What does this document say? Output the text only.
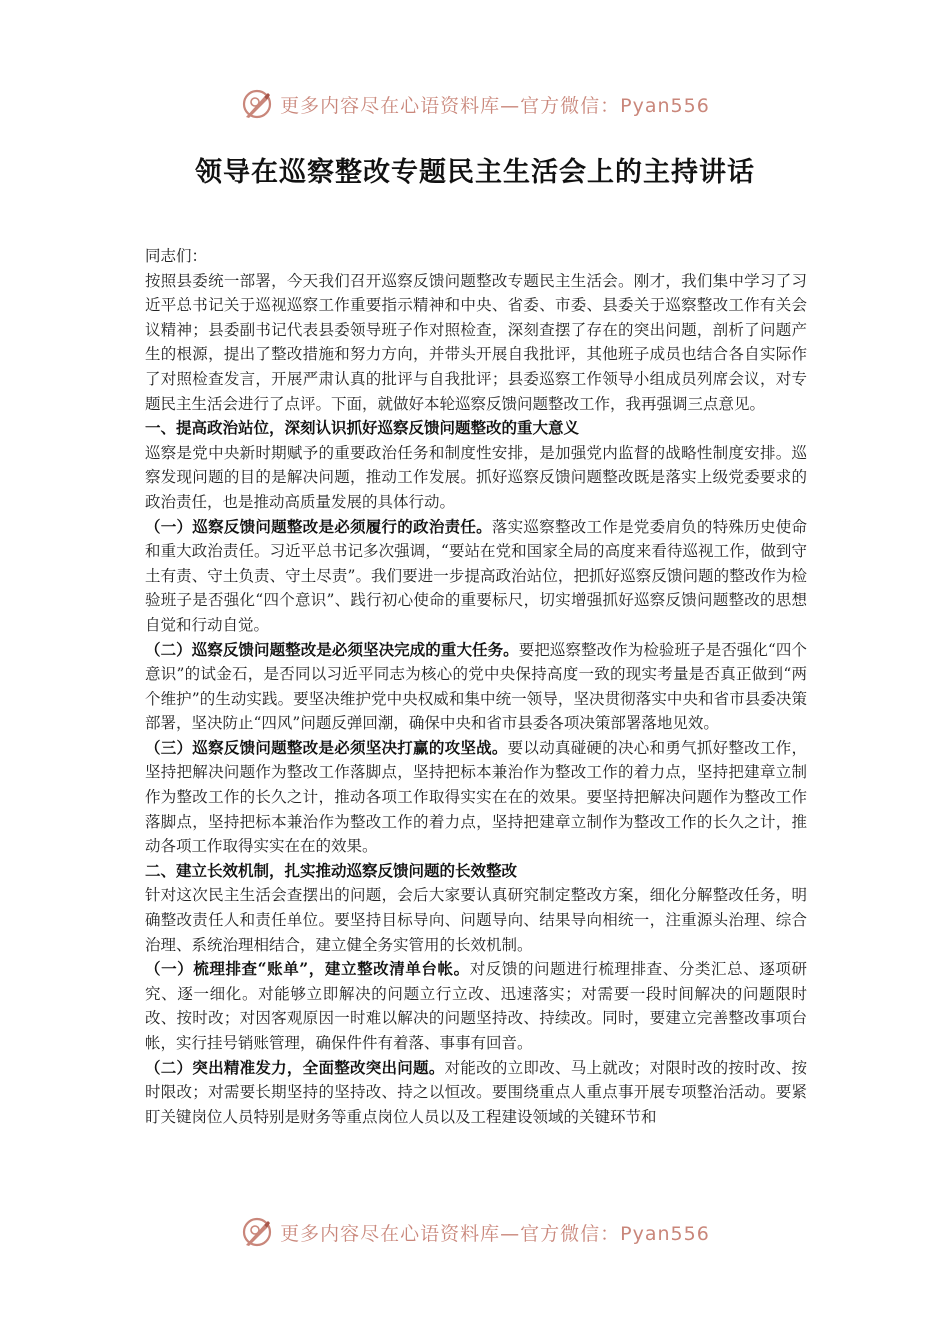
更多内容尽在心语资料库—官方微信：Pyan556
领导在巡察整改专题民主生活会上的主持讲话

同志们：

按照县委统一部署，今天我们召开巡察反馈问题整改专题民主生活会。刚才，我们集中学习了习近平总书记关于巡视巡察工作重要指示精神和中央、省委、市委、县委关于巡察整改工作有关会议精神；县委副书记代表县委领导班子作对照检查，深刻查摆了存在的突出问题，剖析了问题产生的根源，提出了整改措施和努力方向，并带头开展自我批评，其他班子成员也结合各自实际作了对照检查发言，开展严肃认真的批评与自我批评；县委巡察工作领导小组成员列席会议，对专题民主生活会进行了点评。下面，就做好本轮巡察反馈问题整改工作，我再强调三点意见。

一、提高政治站位，深刻认识抓好巡察反馈问题整改的重大意义

巡察是党中央新时期赋予的重要政治任务和制度性安排，是加强党内监督的战略性制度安排。巡察发现问题的目的是解决问题，推动工作发展。抓好巡察反馈问题整改既是落实上级党委要求的政治责任，也是推动高质量发展的具体行动。

（一）巡察反馈问题整改是必须履行的政治责任。落实巡察整改工作是党委肩负的特殊历史使命和重大政治责任。习近平总书记多次强调，“要站在党和国家全局的高度来看待巡视工作，做到守土有责、守土负责、守土尽责”。我们要进一步提高政治站位，把抓好巡察反馈问题的整改作为检验班子是否强化“四个意识”、践行初心使命的重要标尺，切实增强抓好巡察反馈问题整改的思想自觉和行动自觉。

（二）巡察反馈问题整改是必须坚决完成的重大任务。要把巡察整改作为检验班子是否强化“四个意识”的试金石，是否同以习近平同志为核心的党中央保持高度一致的现实考量是否真正做到“两个维护”的生动实践。要坚决维护党中央权威和集中统一领导，坚决贯彻落实中央和省市县委决策部署，坚决防止“四风”问题反弹回潮，确保中央和省市县委各项决策部署落地见效。

（三）巡察反馈问题整改是必须坚决打赢的攻坚战。要以动真碰硬的决心和勇气抓好整改工作，坚持把解决问题作为整改工作落脚点，坚持把标本兼治作为整改工作的着力点，坚持把建章立制作为整改工作的长久之计，推动各项工作取得实实在在的效果。要坚持把解决问题作为整改工作落脚点，坚持把标本兼治作为整改工作的着力点，坚持把建章立制作为整改工作的长久之计，推动各项工作取得实实在在的效果。

二、建立长效机制，扎实推动巡察反馈问题的长效整改

针对这次民主生活会查摆出的问题，会后大家要认真研究制定整改方案，细化分解整改任务，明确整改责任人和责任单位。要坚持目标导向、问题导向、结果导向相统一，注重源头治理、综合治理、系统治理相结合，建立健全务实管用的长效机制。

（一）梳理排查“账单”，建立整改清单台帐。对反馈的问题进行梳理排查、分类汇总、逐项研究、逐一细化。对能够立即解决的问题立行立改、迅速落实；对需要一段时间解决的问题限时改、按时改；对因客观原因一时难以解决的问题坚持改、持续改。同时，要建立完善整改事项台帐，实行挂号销账管理，确保件件有着落、事事有回音。

（二）突出精准发力，全面整改突出问题。对能改的立即改、马上就改；对限时改的按时改、按时限改；对需要长期坚持的坚持改、持之以恒改。要围绕重点人重点事开展专项整治活动。要紧盯关键岗位人员特别是财务等重点岗位人员以及工程建设领域的关键环节和

更多内容尽在心语资料库—官方微信：Pyan556
